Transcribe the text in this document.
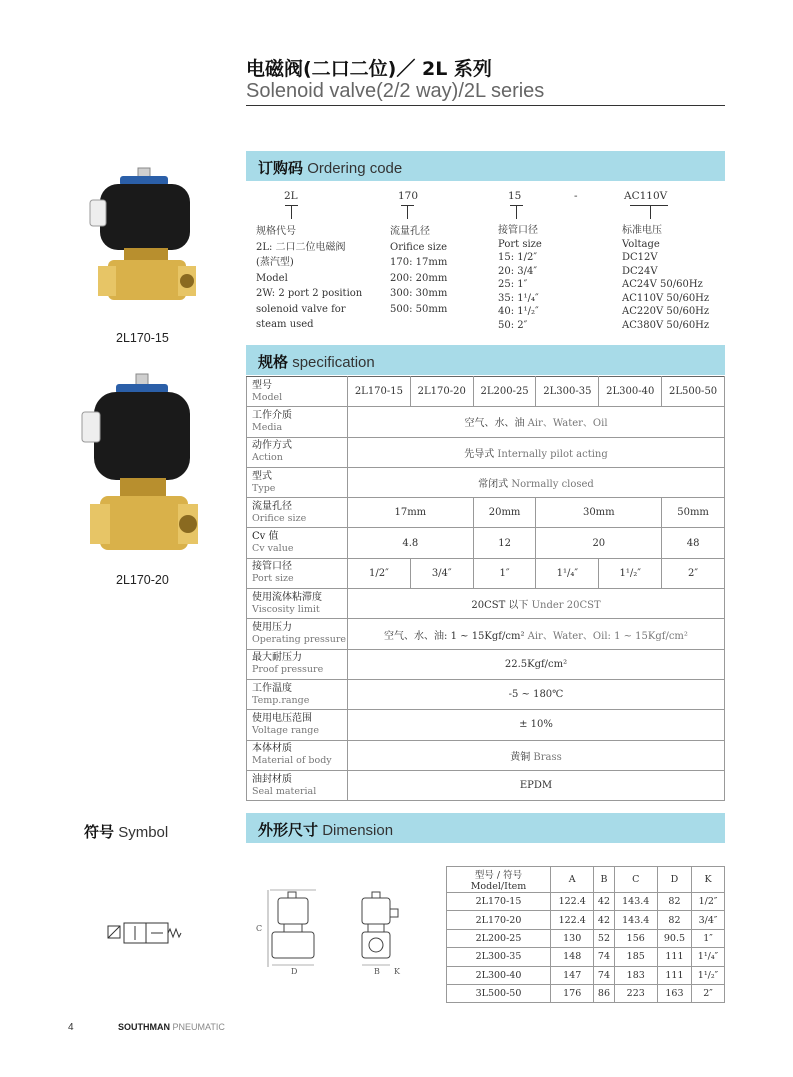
电磁阀(二口二位)／ 2L 系列
Solenoid valve(2/2 way)/2L series
2L170-15
2L170-20
订购码 Ordering code
2L	170	15	-	AC110V
规格代号
2L: 二口二位电磁阀
(蒸汽型)
Model
2W: 2 port 2 position
solenoid valve for
steam used
流量孔径
Orifice size
170: 17mm
200: 20mm
300: 30mm
500: 50mm
接管口径
Port size
15: 1/2″
20: 3/4″
25: 1″
35: 1¹/₄″
40: 1¹/₂″
50: 2″
标准电压
Voltage
DC12V
DC24V
AC24V 50/60Hz
AC110V 50/60Hz
AC220V 50/60Hz
AC380V 50/60Hz
规格 specification
型号
Model	2L170-15	2L170-20	2L200-25	2L300-35	2L300-40	2L500-50

工作介质
Media	空气、水、油 Air、Water、Oil					

动作方式
Action	先导式 Internally pilot acting					

型式
Type	常闭式 Normally closed					

流量孔径
Orifice size	17mm		20mm	30mm		50mm

Cv 值
Cv value	4.8		12	20		48

接管口径
Port size	1/2″	3/4″	1″	1¹/₄″	1¹/₂″	2″

使用流体粘滞度
Viscosity limit	20CST 以下 Under 20CST					

使用压力
Operating pressure	空气、水、油: 1 ~ 15Kgf/cm² Air、Water、Oil: 1 ~ 15Kgf/cm²					

最大耐压力
Proof pressure	22.5Kgf/cm²					

工作温度
Temp.range	-5 ~ 180℃					

使用电压范围
Voltage range	± 10%					

本体材质
Material of body	黄铜 Brass					

油封材质
Seal material	EPDM					
符号 Symbol	外形尺寸 Dimension
C
D	B K
型号 / 符号 Model/Item	A	B	C	D	K
2L170-15	122.4	42	143.4	82	1/2″
2L170-20	122.4	42	143.4	82	3/4″
2L200-25	130	52	156	90.5	1″
2L300-35	148	74	185	111	1¹/₄″
2L300-40	147	74	183	111	1¹/₂″
3L500-50	176	86	223	163	2″
4	SOUTHMAN PNEUMATIC
